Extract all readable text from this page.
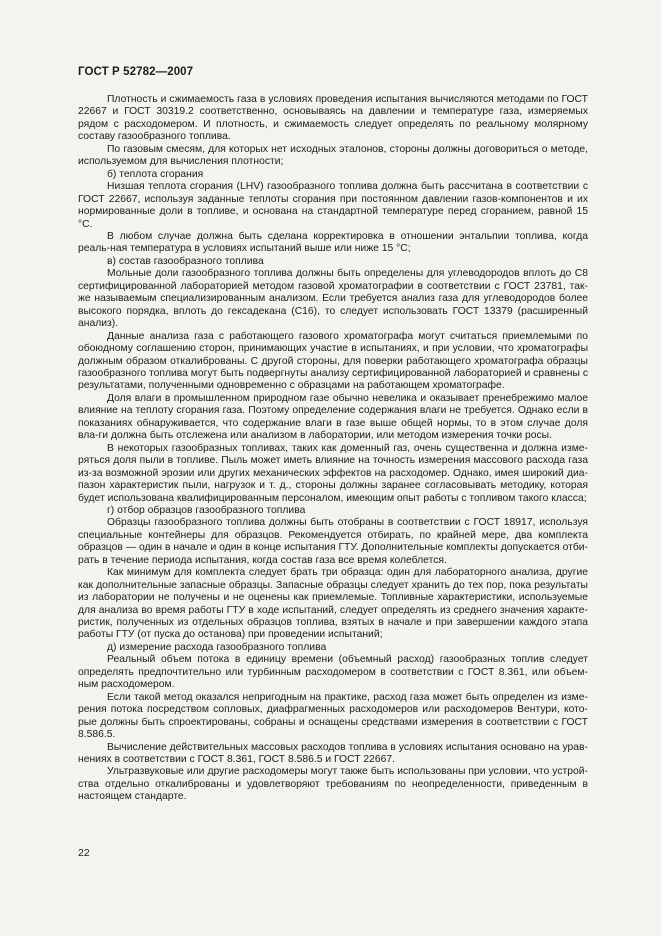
ГОСТ Р 52782—2007

Плотность и сжимаемость газа в условиях проведения испытания вычисляются методами по ГОСТ 22667 и ГОСТ 30319.2 соответственно, основываясь на давлении и температуре газа, измеряемых рядом с расходомером. И плотность, и сжимаемость следует определять по реальному молярному составу газообразного топлива.

По газовым смесям, для которых нет исходных эталонов, стороны должны договориться о методе, используемом для вычисления плотности;

б) теплота сгорания

Низшая теплота сгорания (LHV) газообразного топлива должна быть рассчитана в соответствии с ГОСТ 22667, используя заданные теплоты сгорания при постоянном давлении газов-компонентов и их нормированные доли в топливе, и основана на стандартной температуре перед сгоранием, равной 15 °С.

В любом случае должна быть сделана корректировка в отношении энтальпии топлива, когда реаль-ная температура в условиях испытаний выше или ниже 15 °С;

в) состав газообразного топлива

Мольные доли газообразного топлива должны быть определены для углеводородов вплоть до С8 сертифицированной лабораторией методом газовой хроматографии в соответствии с ГОСТ 23781, так-же называемым специализированным анализом. Если требуется анализ газа для углеводородов более высокого порядка, вплоть до гексадекана (С16), то следует использовать ГОСТ 13379 (расширенный анализ).

Данные анализа газа с работающего газового хроматографа могут считаться приемлемыми по обоюдному соглашению сторон, принимающих участие в испытаниях, и при условии, что хроматографы должным образом откалиброваны. С другой стороны, для поверки работающего хроматографа образцы газообразного топлива могут быть подвергнуты анализу сертифицированной лабораторией и сравнены с результатами, полученными одновременно с образцами на работающем хроматографе.

Доля влаги в промышленном природном газе обычно невелика и оказывает пренебрежимо малое влияние на теплоту сгорания газа. Поэтому определение содержания влаги не требуется. Однако если в показаниях обнаруживается, что содержание влаги в газе выше общей нормы, то в этом случае доля вла-ги должна быть отслежена или анализом в лаборатории, или методом измерения точки росы.

В некоторых газообразных топливах, таких как доменный газ, очень существенна и должна изме-ряться доля пыли в топливе. Пыль может иметь влияние на точность измерения массового расхода газа из-за возможной эрозии или других механических эффектов на расходомер. Однако, имея широкий диа-пазон характеристик пыли, нагрузок и т. д., стороны должны заранее согласовывать методику, которая будет использована квалифицированным персоналом, имеющим опыт работы с топливом такого класса;

г) отбор образцов газообразного топлива

Образцы газообразного топлива должны быть отобраны в соответствии с ГОСТ 18917, используя специальные контейнеры для образцов. Рекомендуется отбирать, по крайней мере, два комплекта образцов — один в начале и один в конце испытания ГТУ. Дополнительные комплекты допускается отби-рать в течение периода испытания, когда состав газа все время колеблется.

Как минимум для комплекта следует брать три образца: один для лабораторного анализа, другие как дополнительные запасные образцы. Запасные образцы следует хранить до тех пор, пока результаты из лаборатории не получены и не оценены как приемлемые. Топливные характеристики, используемые для анализа во время работы ГТУ в ходе испытаний, следует определять из среднего значения характе-ристик, полученных из отдельных образцов топлива, взятых в начале и при завершении каждого этапа работы ГТУ (от пуска до останова) при проведении испытаний;

д) измерение расхода газообразного топлива

Реальный объем потока в единицу времени (объемный расход) газообразных топлив следует определять предпочтительно или турбинным расходомером в соответствии с ГОСТ 8.361, или объем-ным расходомером.

Если такой метод оказался непригодным на практике, расход газа может быть определен из изме-рения потока посредством сопловых, диафрагменных расходомеров или расходомеров Вентури, кото-рые должны быть спроектированы, собраны и оснащены средствами измерения в соответствии с ГОСТ 8.586.5.

Вычисление действительных массовых расходов топлива в условиях испытания основано на урав-нениях в соответствии с ГОСТ 8.361, ГОСТ 8.586.5 и ГОСТ 22667.

Ультразвуковые или другие расходомеры могут также быть использованы при условии, что устрой-ства отдельно откалиброваны и удовлетворяют требованиям по неопределенности, приведенным в настоящем стандарте.

22
